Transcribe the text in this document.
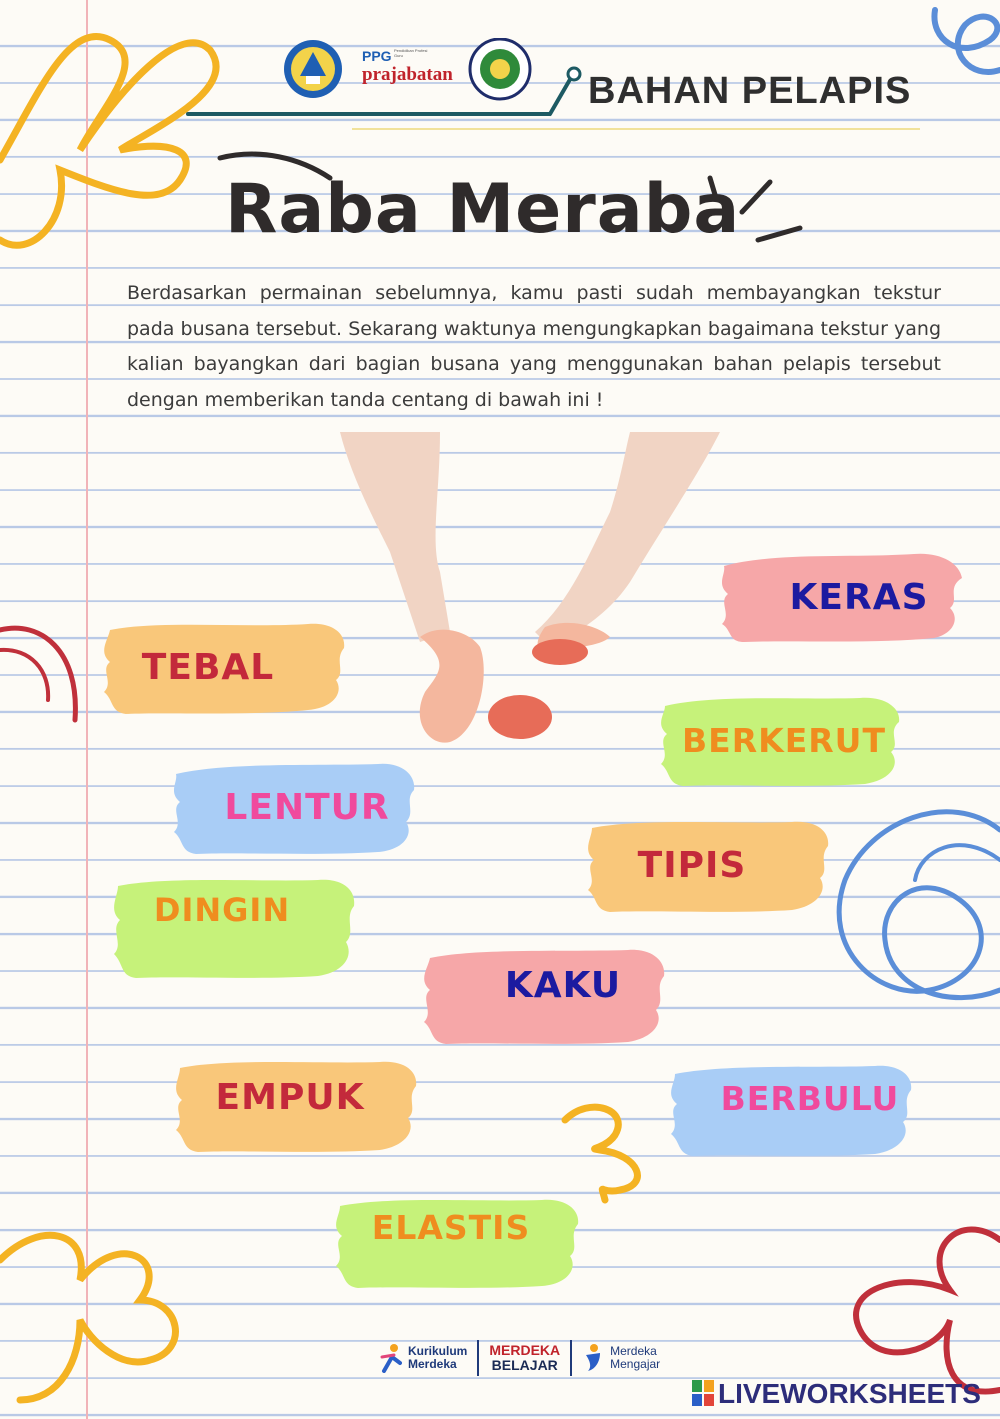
PPG Pendidikan Profesi Guru
prajabatan	BAHAN PELAPIS
Raba Meraba
Berdasarkan permainan sebelumnya, kamu pasti sudah membayangkan tekstur pada busana tersebut. Sekarang waktunya mengungkapkan bagaimana tekstur yang kalian bayangkan dari bagian busana yang menggunakan bahan pelapis tersebut dengan memberikan tanda centang di bawah ini !
KERAS
TEBAL
BERKERUT
LENTUR
TIPIS
DINGIN
KAKU
EMPUK	BERBULU
ELASTIS
Kurikulum
Merdeka
MERDEKA
BELAJAR
Merdeka
Mengajar
LIVEWORKSHEETS
